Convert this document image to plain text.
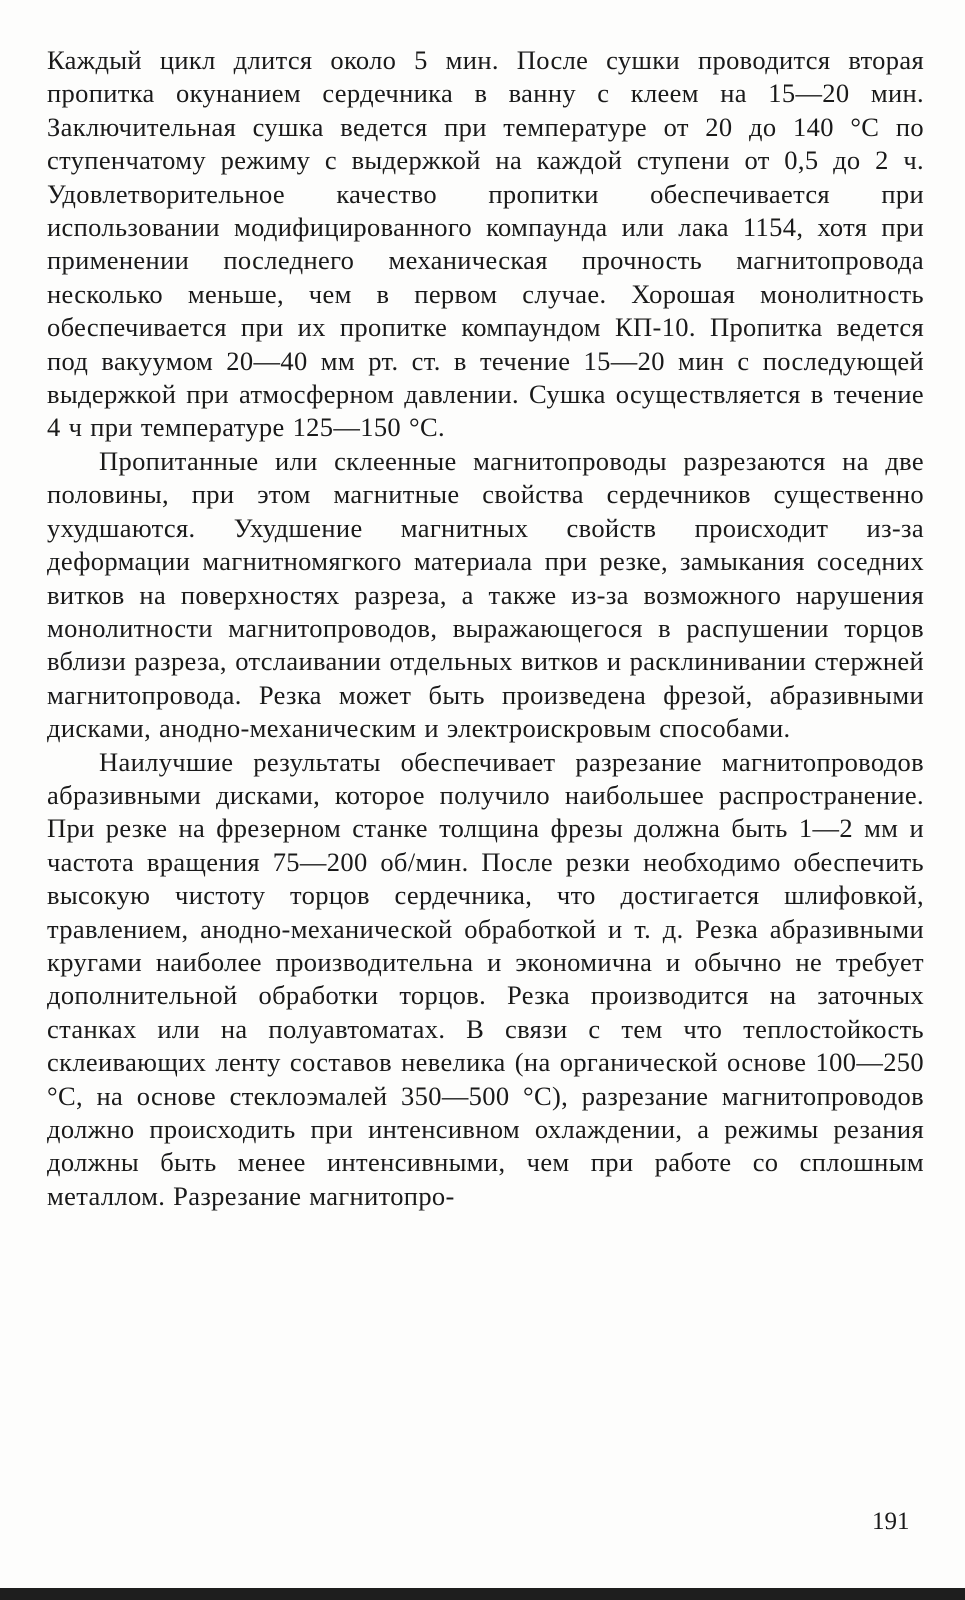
Каждый цикл длится около 5 мин. После сушки проводится вторая пропитка окунанием сердечника в ванну с клеем на 15—20 мин. Заключительная сушка ведется при температуре от 20 до 140 °С по ступенчатому режиму с выдержкой на каждой ступени от 0,5 до 2 ч. Удовлетворительное качество пропитки обеспечивается при использовании модифицированного компаунда или лака 1154, хотя при применении последнего механическая прочность магнитопровода несколько меньше, чем в первом случае. Хорошая монолитность обеспечивается при их пропитке компаундом КП-10. Пропитка ведется под вакуумом 20—40 мм рт. ст. в течение 15—20 мин с последующей выдержкой при атмосферном давлении. Сушка осуществляется в течение 4 ч при температуре 125—150 °С.

Пропитанные или склеенные магнитопроводы разрезаются на две половины, при этом магнитные свойства сердечников существенно ухудшаются. Ухудшение магнитных свойств происходит из-за деформации магнитномягкого материала при резке, замыкания соседних витков на поверхностях разреза, а также из-за возможного нарушения монолитности магнитопроводов, выражающегося в распушении торцов вблизи разреза, отслаивании отдельных витков и расклинивании стержней магнитопровода. Резка может быть произведена фрезой, абразивными дисками, анодно-механическим и электроискровым способами.

Наилучшие результаты обеспечивает разрезание магнитопроводов абразивными дисками, которое получило наибольшее распространение. При резке на фрезерном станке толщина фрезы должна быть 1—2 мм и частота вращения 75—200 об/мин. После резки необходимо обеспечить высокую чистоту торцов сердечника, что достигается шлифовкой, травлением, анодно-механической обработкой и т. д. Резка абразивными кругами наиболее производительна и экономична и обычно не требует дополнительной обработки торцов. Резка производится на заточных станках или на полуавтоматах. В связи с тем что теплостойкость склеивающих ленту составов невелика (на органической основе 100—250 °С, на основе стеклоэмалей 350—500 °С), разрезание магнитопроводов должно происходить при интенсивном охлаждении, а режимы резания должны быть менее интенсивными, чем при работе со сплошным металлом. Разрезание магнитопро-

191
